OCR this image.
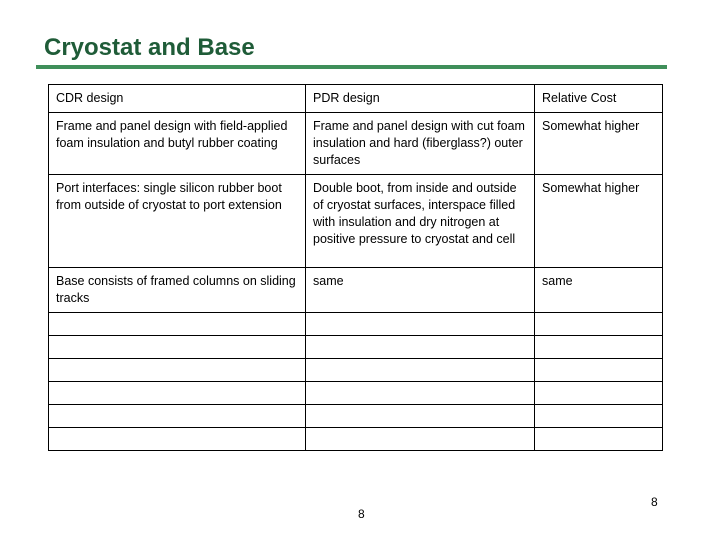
Cryostat and Base
CDR design	PDR design	Relative Cost
Frame and panel design with field-applied foam insulation and butyl rubber coating	Frame and panel design with cut foam insulation and hard (fiberglass?) outer surfaces	Somewhat higher
Port interfaces: single silicon rubber boot from outside of cryostat to port extension	Double boot, from inside and outside of cryostat surfaces, interspace filled with insulation and dry nitrogen at positive pressure to cryostat and cell	Somewhat higher
Base consists of framed columns on sliding tracks	same	same

8
8
